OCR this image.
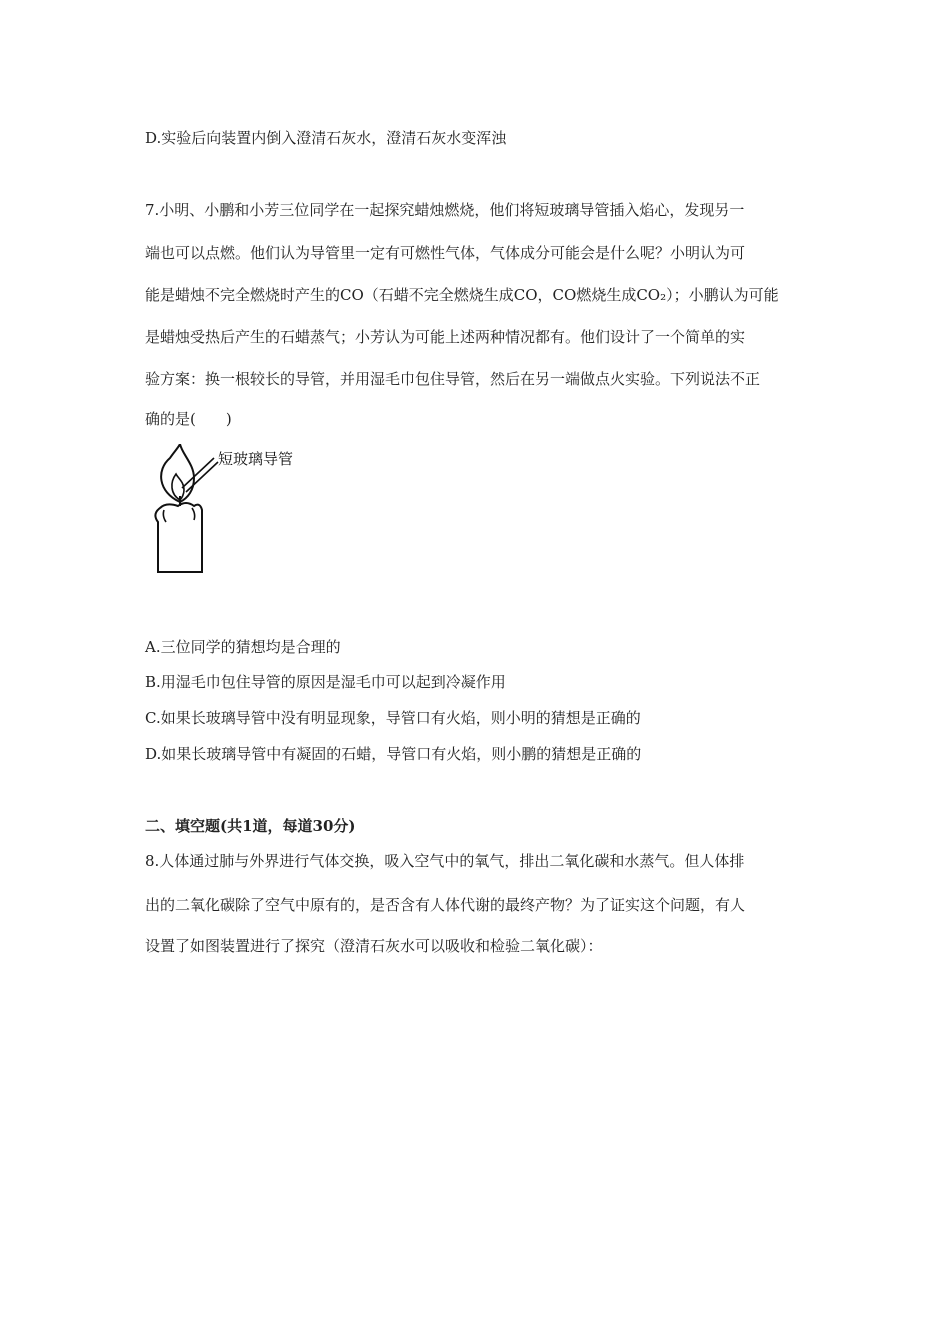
D.实验后向装置内倒入澄清石灰水，澄清石灰水变浑浊
7.小明、小鹏和小芳三位同学在一起探究蜡烛燃烧，他们将短玻璃导管插入焰心，发现另一
端也可以点燃。他们认为导管里一定有可燃性气体，气体成分可能会是什么呢？小明认为可
能是蜡烛不完全燃烧时产生的CO（石蜡不完全燃烧生成CO，CO燃烧生成CO₂）；小鹏认为可能
是蜡烛受热后产生的石蜡蒸气；小芳认为可能上述两种情况都有。他们设计了一个简单的实
验方案：换一根较长的导管，并用湿毛巾包住导管，然后在另一端做点火实验。下列说法不正
确的是(　　)
短玻璃导管
A.三位同学的猜想均是合理的
B.用湿毛巾包住导管的原因是湿毛巾可以起到冷凝作用
C.如果长玻璃导管中没有明显现象，导管口有火焰，则小明的猜想是正确的
D.如果长玻璃导管中有凝固的石蜡，导管口有火焰，则小鹏的猜想是正确的
二、填空题(共1道，每道30分)
8.人体通过肺与外界进行气体交换，吸入空气中的氧气，排出二氧化碳和水蒸气。但人体排
出的二氧化碳除了空气中原有的，是否含有人体代谢的最终产物？为了证实这个问题，有人
设置了如图装置进行了探究（澄清石灰水可以吸收和检验二氧化碳）：
